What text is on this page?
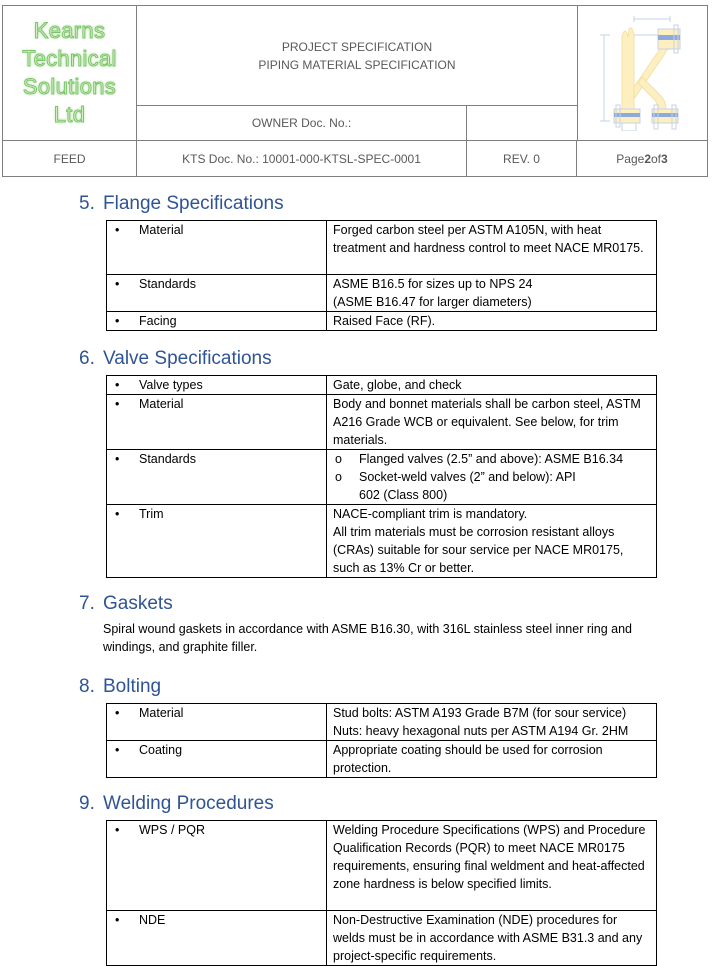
Kearns
Technical
Solutions
Ltd
PROJECT SPECIFICATION
PIPING MATERIAL SPECIFICATION
OWNER Doc. No.:
FEED	KTS Doc. No.: 10001-000-KTSL-SPEC-0001	REV. 0	Page 2 of 3
5. Flange Specifications
• Material	Forged carbon steel per ASTM A105N, with heat treatment and hardness control to meet NACE MR0175.
• Standards	ASME B16.5 for sizes up to NPS 24
(ASME B16.47 for larger diameters)

• Facing	Raised Face (RF).
6. Valve Specifications
• Valve types	Gate, globe, and check
• Material	Body and bonnet materials shall be carbon steel, ASTM A216 Grade WCB or equivalent. See below, for trim materials.
• Standards	o Flanged valves (2.5” and above): ASME B16.34
o Socket-weld valves (2” and below): API 602 (Class 800)

• Trim	NACE-compliant trim is mandatory.
All trim materials must be corrosion resistant alloys (CRAs) suitable for sour service per NACE MR0175, such as 13% Cr or better.
7. Gaskets
Spiral wound gaskets in accordance with ASME B16.30, with 316L stainless steel inner ring and windings, and graphite filler.
8. Bolting
• Material	Stud bolts: ASTM A193 Grade B7M (for sour service)
Nuts: heavy hexagonal nuts per ASTM A194 Gr. 2HM

• Coating	Appropriate coating should be used for corrosion protection.
9. Welding Procedures
• WPS / PQR	Welding Procedure Specifications (WPS) and Procedure Qualification Records (PQR) to meet NACE MR0175 requirements, ensuring final weldment and heat-affected zone hardness is below specified limits.
• NDE	Non-Destructive Examination (NDE) procedures for welds must be in accordance with ASME B31.3 and any project-specific requirements.
